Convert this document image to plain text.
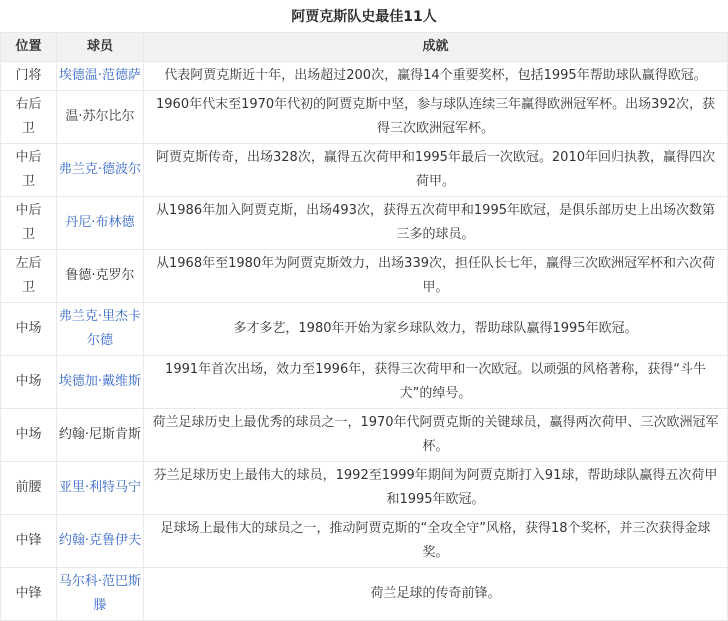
阿贾克斯队史最佳11人
位置	球员	成就
门将	埃德温·范德萨	代表阿贾克斯近十年，出场超过200次，赢得14个重要奖杯，包括1995年帮助球队赢得欧冠。
右后卫	温·苏尔比尔	1960年代末至1970年代初的阿贾克斯中坚，参与球队连续三年赢得欧洲冠军杯。出场392次，获得三次欧洲冠军杯。
中后卫	弗兰克·德波尔	阿贾克斯传奇，出场328次，赢得五次荷甲和1995年最后一次欧冠。2010年回归执教，赢得四次荷甲。
中后卫	丹尼·布林德	从1986年加入阿贾克斯，出场493次，获得五次荷甲和1995年欧冠，是俱乐部历史上出场次数第三多的球员。
左后卫	鲁德·克罗尔	从1968年至1980年为阿贾克斯效力，出场339次，担任队长七年，赢得三次欧洲冠军杯和六次荷甲。
中场	弗兰克·里杰卡尔德	多才多艺，1980年开始为家乡球队效力，帮助球队赢得1995年欧冠。
中场	埃德加·戴维斯	1991年首次出场，效力至1996年，获得三次荷甲和一次欧冠。以顽强的风格著称，获得“斗牛犬”的绰号。
中场	约翰·尼斯肯斯	荷兰足球历史上最优秀的球员之一，1970年代阿贾克斯的关键球员，赢得两次荷甲、三次欧洲冠军杯。
前腰	亚里·利特马宁	芬兰足球历史上最伟大的球员，1992至1999年期间为阿贾克斯打入91球，帮助球队赢得五次荷甲和1995年欧冠。
中锋	约翰·克鲁伊夫	足球场上最伟大的球员之一，推动阿贾克斯的“全攻全守”风格，获得18个奖杯，并三次获得金球奖。
中锋	马尔科·范巴斯滕	荷兰足球的传奇前锋。
